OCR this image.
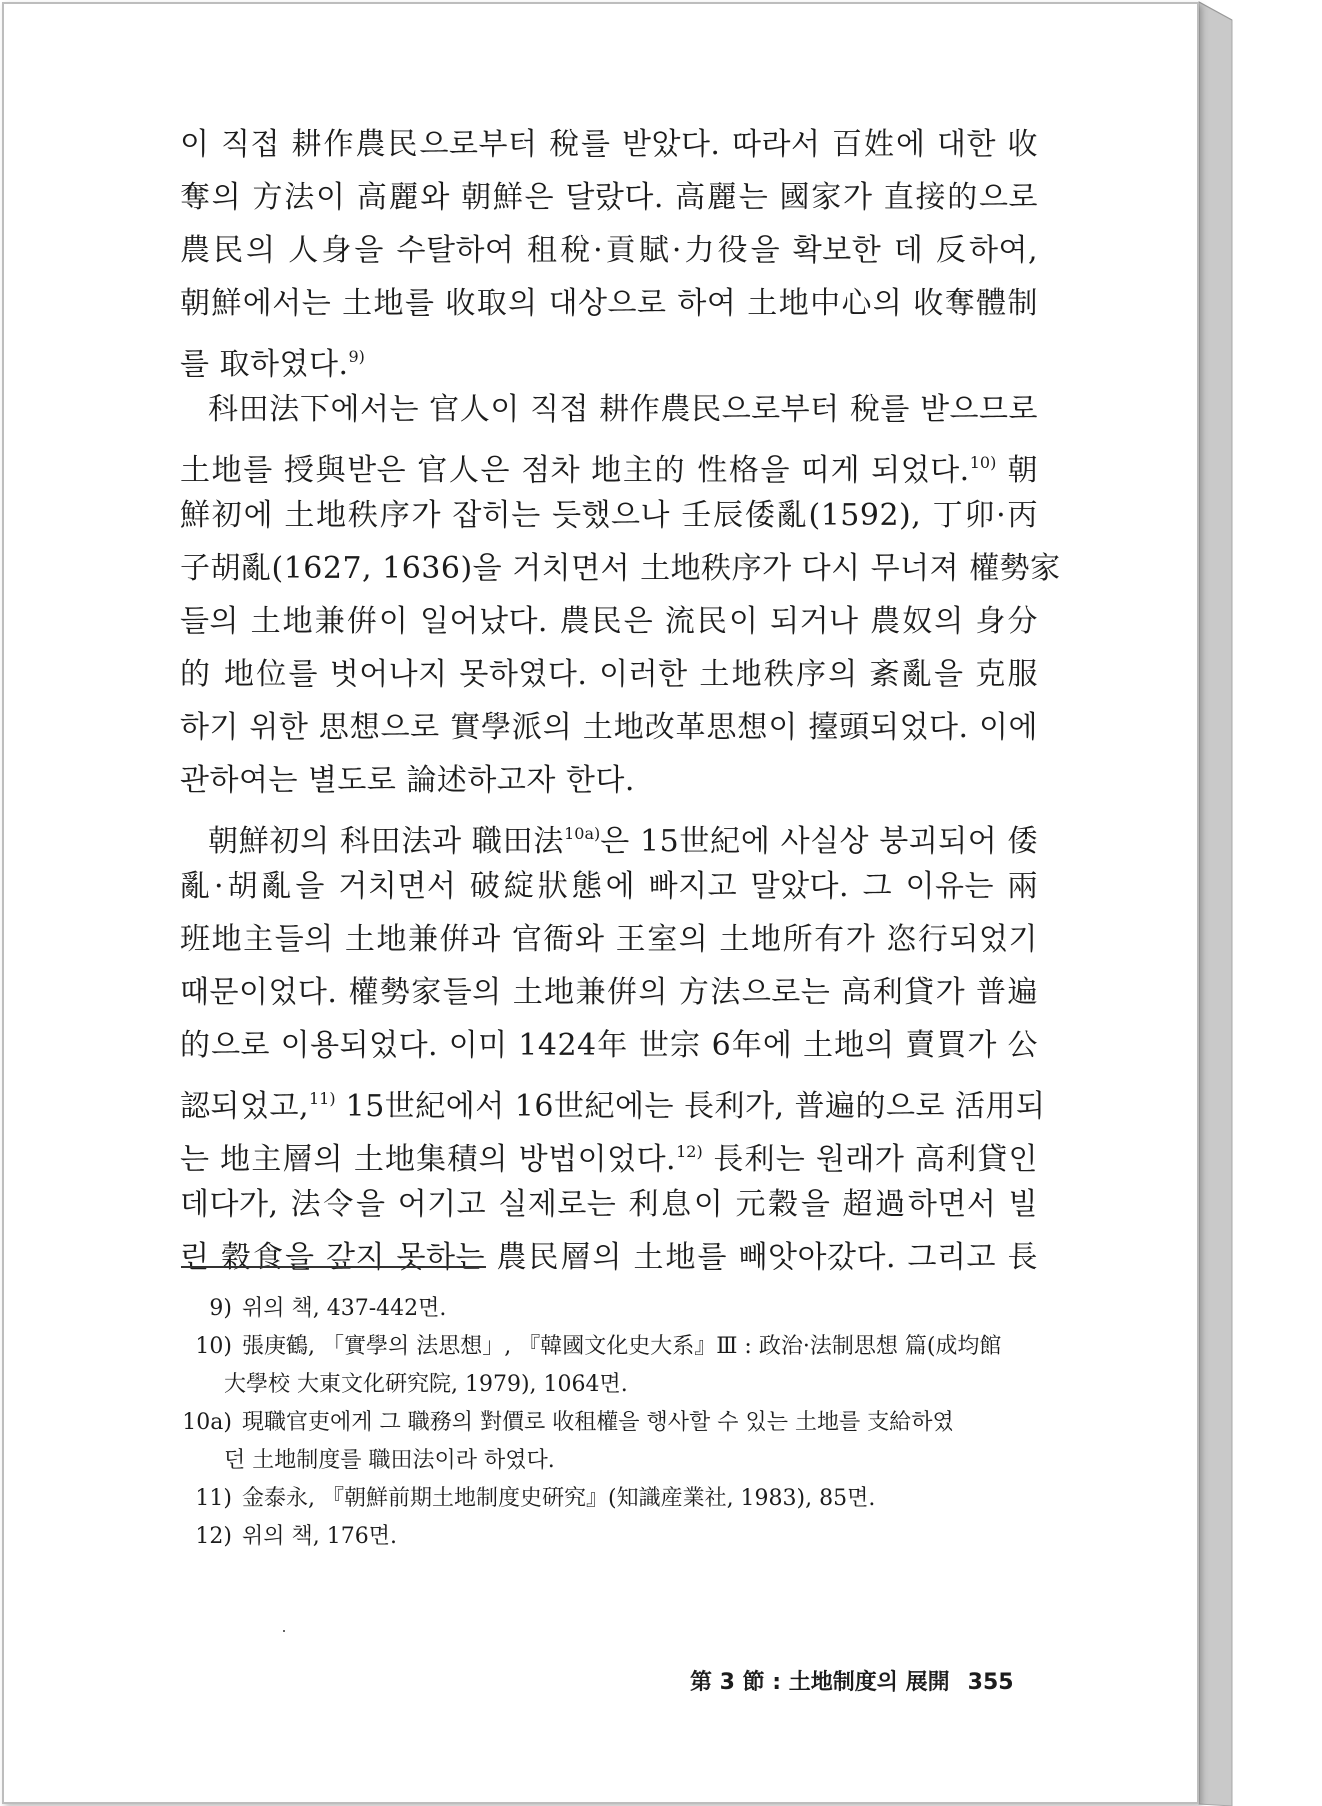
이 직접 耕作農民으로부터 稅를 받았다. 따라서 百姓에 대한 收
奪의 方法이 高麗와 朝鮮은 달랐다. 高麗는 國家가 直接的으로
農民의 人身을 수탈하여 租稅·貢賦·力役을 확보한 데 反하여,
朝鮮에서는 土地를 收取의 대상으로 하여 土地中心의 收奪體制
를 取하였다.$^{9)}$
科田法下에서는 官人이 직접 耕作農民으로부터 稅를 받으므로
土地를 授與받은 官人은 점차 地主的 性格을 띠게 되었다.$^{10)}$ 朝
鮮初에 土地秩序가 잡히는 듯했으나 壬辰倭亂(1592), 丁卯·丙
子胡亂(1627, 1636)을 거치면서 土地秩序가 다시 무너져 權勢家
들의 土地兼倂이 일어났다. 農民은 流民이 되거나 農奴의 身分
的 地位를 벗어나지 못하였다. 이러한 土地秩序의 紊亂을 克服
하기 위한 思想으로 實學派의 土地改革思想이 擡頭되었다. 이에
관하여는 별도로 論述하고자 한다.
朝鮮初의 科田法과 職田法$^{10a)}$은 15世紀에 사실상 붕괴되어 倭
亂·胡亂을 거치면서 破綻狀態에 빠지고 말았다. 그 이유는 兩
班地主들의 土地兼倂과 官衙와 王室의 土地所有가 恣行되었기
때문이었다. 權勢家들의 土地兼倂의 方法으로는 高利貸가 普遍
的으로 이용되었다. 이미 1424年 世宗 6年에 土地의 賣買가 公
認되었고,$^{11)}$ 15世紀에서 16世紀에는 長利가, 普遍的으로 活用되
는 地主層의 土地集積의 방법이었다.$^{12)}$ 長利는 원래가 高利貸인
데다가, 法令을 어기고 실제로는 利息이 元穀을 超過하면서 빌
린 穀食을 갚지 못하는 農民層의 土地를 빼앗아갔다. 그리고 長
9) 위의 책, 437-442면.
10) 張庚鶴, 「實學의 法思想」, 『韓國文化史大系』Ⅲ : 政治·法制思想 篇(成均館
大學校 大東文化硏究院, 1979), 1064면.
10a) 現職官吏에게 그 職務의 對價로 收租權을 행사할 수 있는 土地를 支給하였
던 土地制度를 職田法이라 하였다.
11) 金泰永, 『朝鮮前期土地制度史硏究』(知識産業社, 1983), 85면.
12) 위의 책, 176면.
第 3 節 : 土地制度의 展開 355
